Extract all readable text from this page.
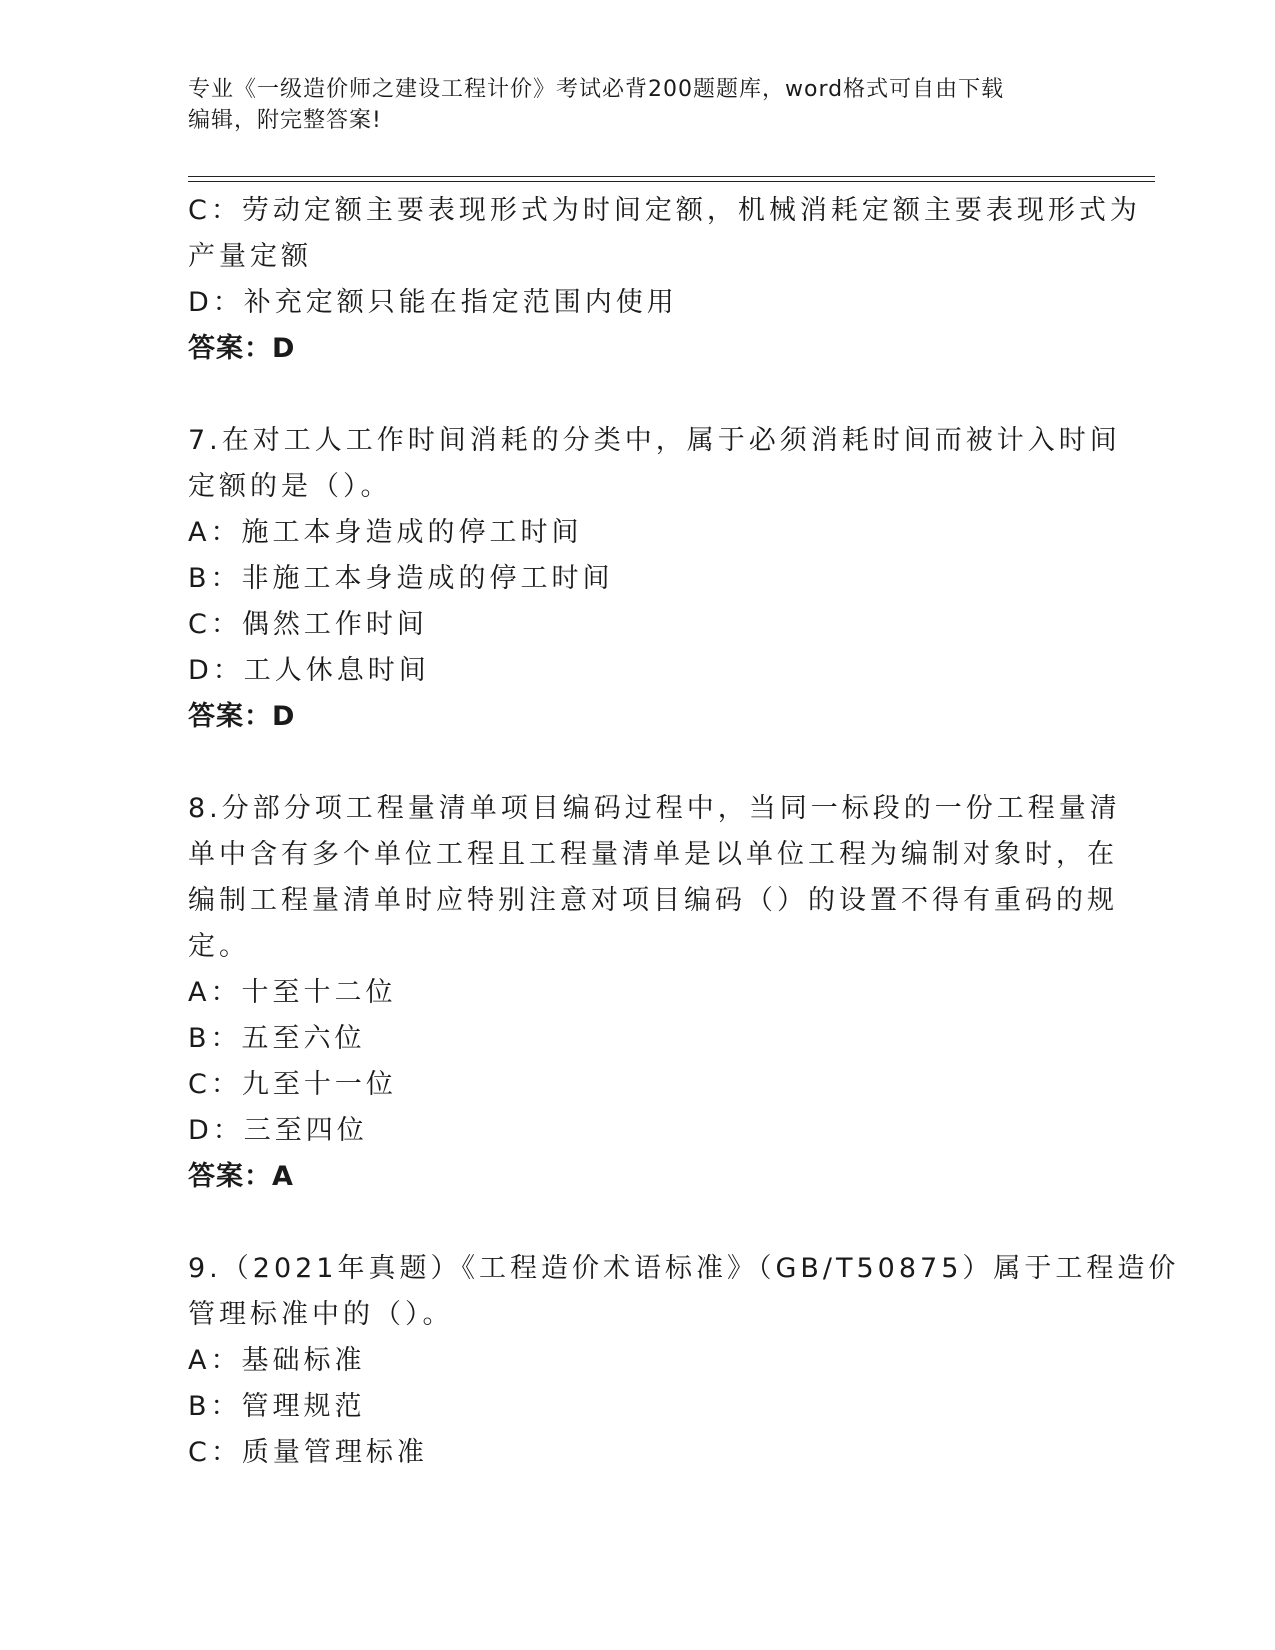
专业《一级造价师之建设工程计价》考试必背200题题库，word格式可自由下载

编辑，附完整答案!

C：劳动定额主要表现形式为时间定额，机械消耗定额主要表现形式为

产量定额

D：补充定额只能在指定范围内使用

答案：D

7.在对工人工作时间消耗的分类中，属于必须消耗时间而被计入时间

定额的是（）。

A：施工本身造成的停工时间

B：非施工本身造成的停工时间

C：偶然工作时间

D：工人休息时间

答案：D

8.分部分项工程量清单项目编码过程中，当同一标段的一份工程量清

单中含有多个单位工程且工程量清单是以单位工程为编制对象时，在

编制工程量清单时应特别注意对项目编码（）的设置不得有重码的规

定。

A：十至十二位

B：五至六位

C：九至十一位

D：三至四位

答案：A

9.（2021年真题）《工程造价术语标准》（GB/T50875）属于工程造价

管理标准中的（）。

A：基础标准

B：管理规范

C：质量管理标准
